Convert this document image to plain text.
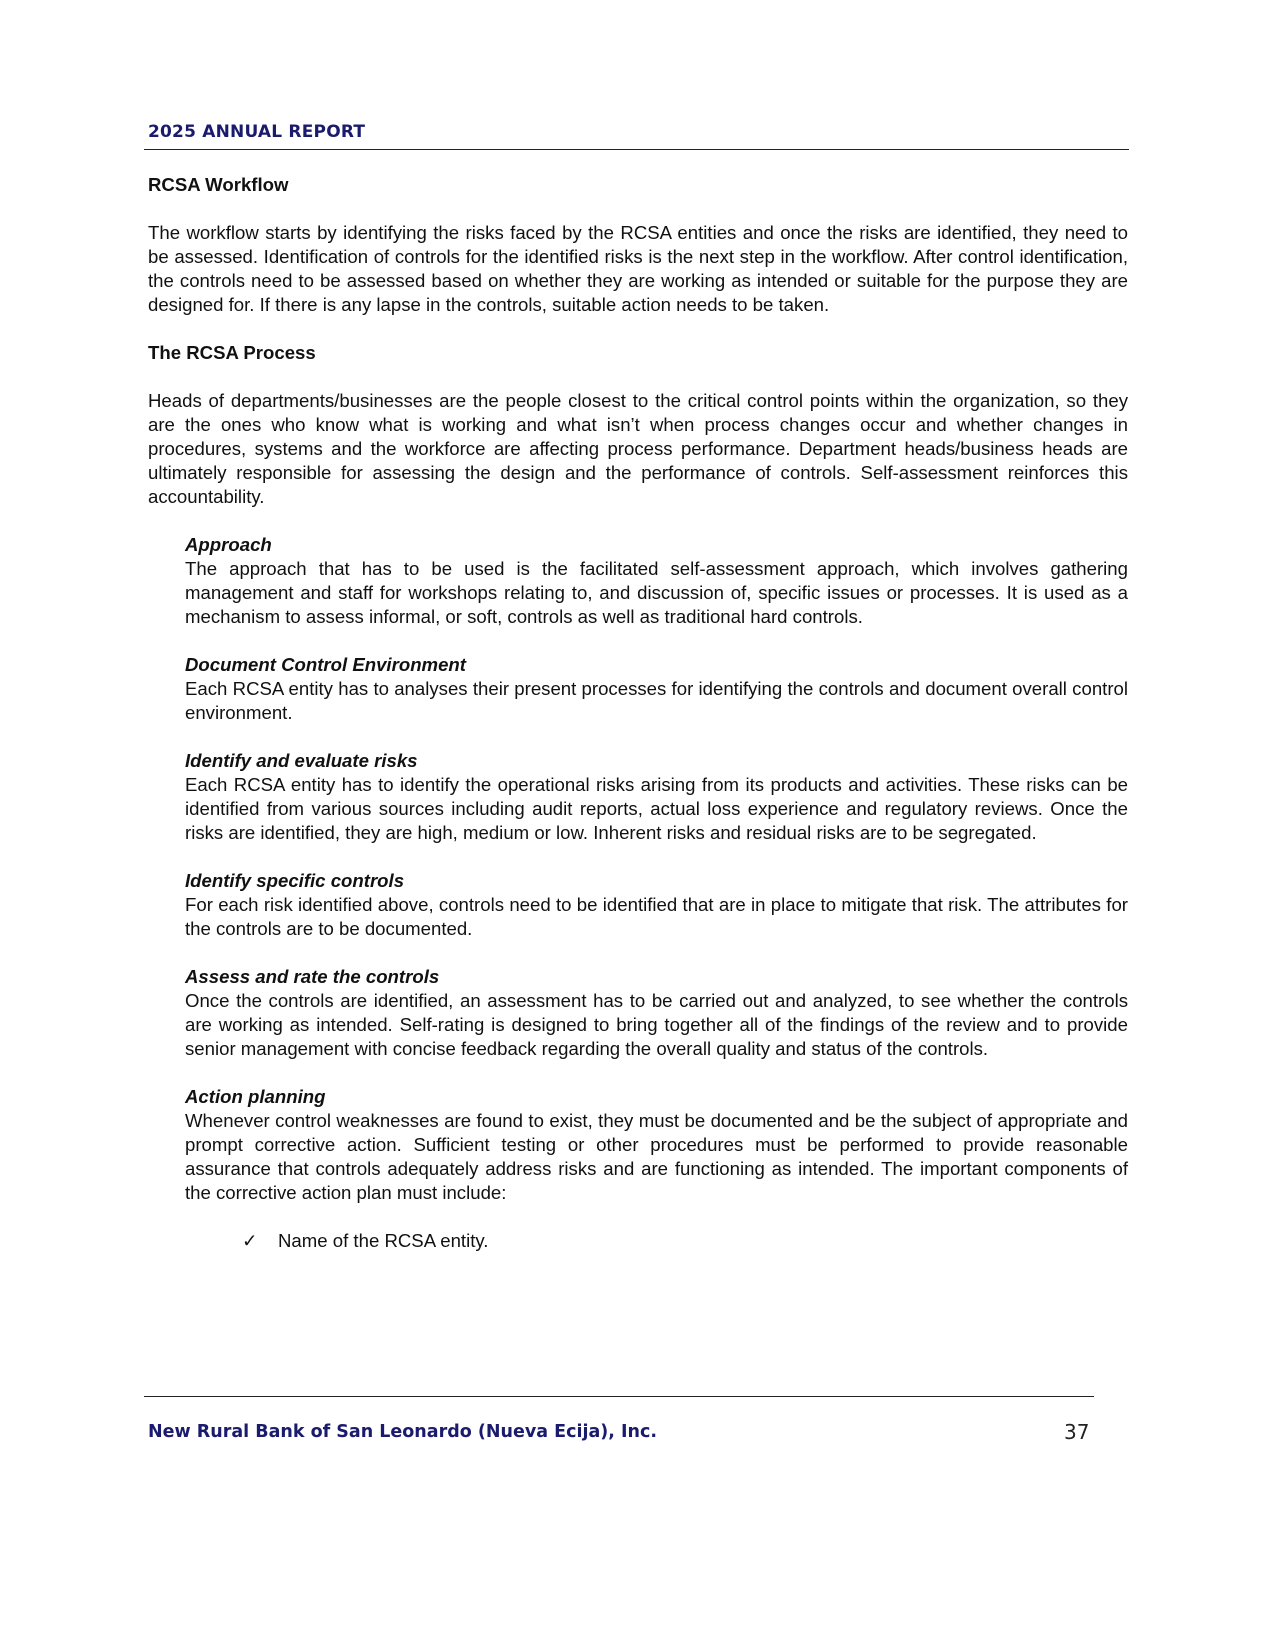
2025 ANNUAL REPORT
RCSA Workflow
The workflow starts by identifying the risks faced by the RCSA entities and once the risks are identified, they need to be assessed. Identification of controls for the identified risks is the next step in the workflow. After control identification, the controls need to be assessed based on whether they are working as intended or suitable for the purpose they are designed for. If there is any lapse in the controls, suitable action needs to be taken.
The RCSA Process
Heads of departments/businesses are the people closest to the critical control points within the organization, so they are the ones who know what is working and what isn’t when process changes occur and whether changes in procedures, systems and the workforce are affecting process performance. Department heads/business heads are ultimately responsible for assessing the design and the performance of controls. Self-assessment reinforces this accountability.
Approach
The approach that has to be used is the facilitated self-assessment approach, which involves gathering management and staff for workshops relating to, and discussion of, specific issues or processes. It is used as a mechanism to assess informal, or soft, controls as well as traditional hard controls.
Document Control Environment
Each RCSA entity has to analyses their present processes for identifying the controls and document overall control environment.
Identify and evaluate risks
Each RCSA entity has to identify the operational risks arising from its products and activities. These risks can be identified from various sources including audit reports, actual loss experience and regulatory reviews. Once the risks are identified, they are high, medium or low. Inherent risks and residual risks are to be segregated.
Identify specific controls
For each risk identified above, controls need to be identified that are in place to mitigate that risk. The attributes for the controls are to be documented.
Assess and rate the controls
Once the controls are identified, an assessment has to be carried out and analyzed, to see whether the controls are working as intended. Self-rating is designed to bring together all of the findings of the review and to provide senior management with concise feedback regarding the overall quality and status of the controls.
Action planning
Whenever control weaknesses are found to exist, they must be documented and be the subject of appropriate and prompt corrective action. Sufficient testing or other procedures must be performed to provide reasonable assurance that controls adequately address risks and are functioning as intended. The important components of the corrective action plan must include:
✓	Name of the RCSA entity.
New Rural Bank of San Leonardo (Nueva Ecija), Inc.	37
